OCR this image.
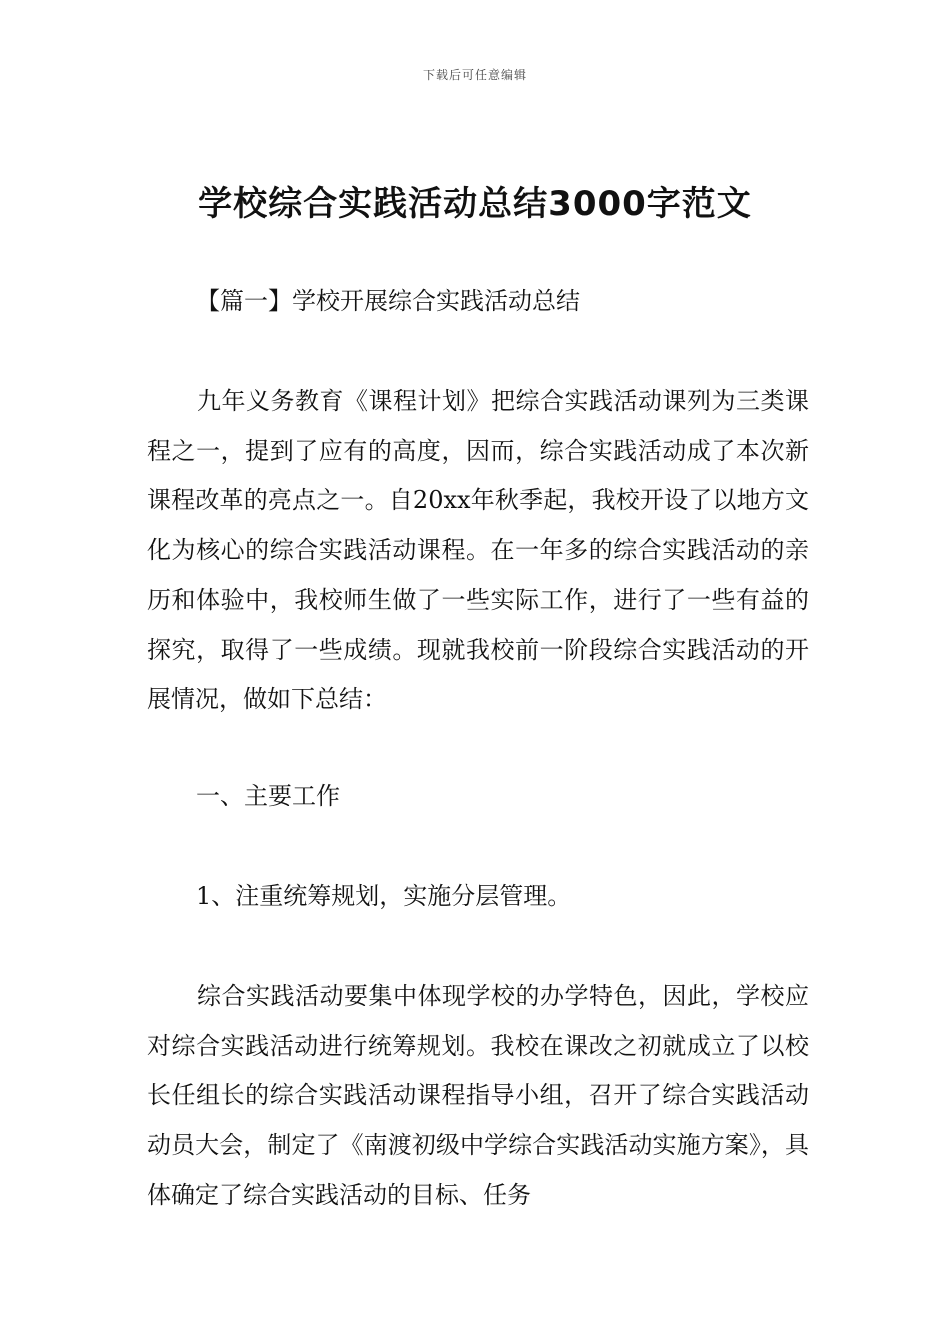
下载后可任意编辑
学校综合实践活动总结3000字范文
【篇一】学校开展综合实践活动总结
九年义务教育《课程计划》把综合实践活动课列为三类课程之一，提到了应有的高度，因而，综合实践活动成了本次新课程改革的亮点之一。自20xx年秋季起，我校开设了以地方文化为核心的综合实践活动课程。在一年多的综合实践活动的亲历和体验中，我校师生做了一些实际工作，进行了一些有益的探究，取得了一些成绩。现就我校前一阶段综合实践活动的开展情况，做如下总结：
一、主要工作
1、注重统筹规划，实施分层管理。
综合实践活动要集中体现学校的办学特色，因此，学校应对综合实践活动进行统筹规划。我校在课改之初就成立了以校长任组长的综合实践活动课程指导小组，召开了综合实践活动动员大会，制定了《南渡初级中学综合实践活动实施方案》，具体确定了综合实践活动的目标、任务
